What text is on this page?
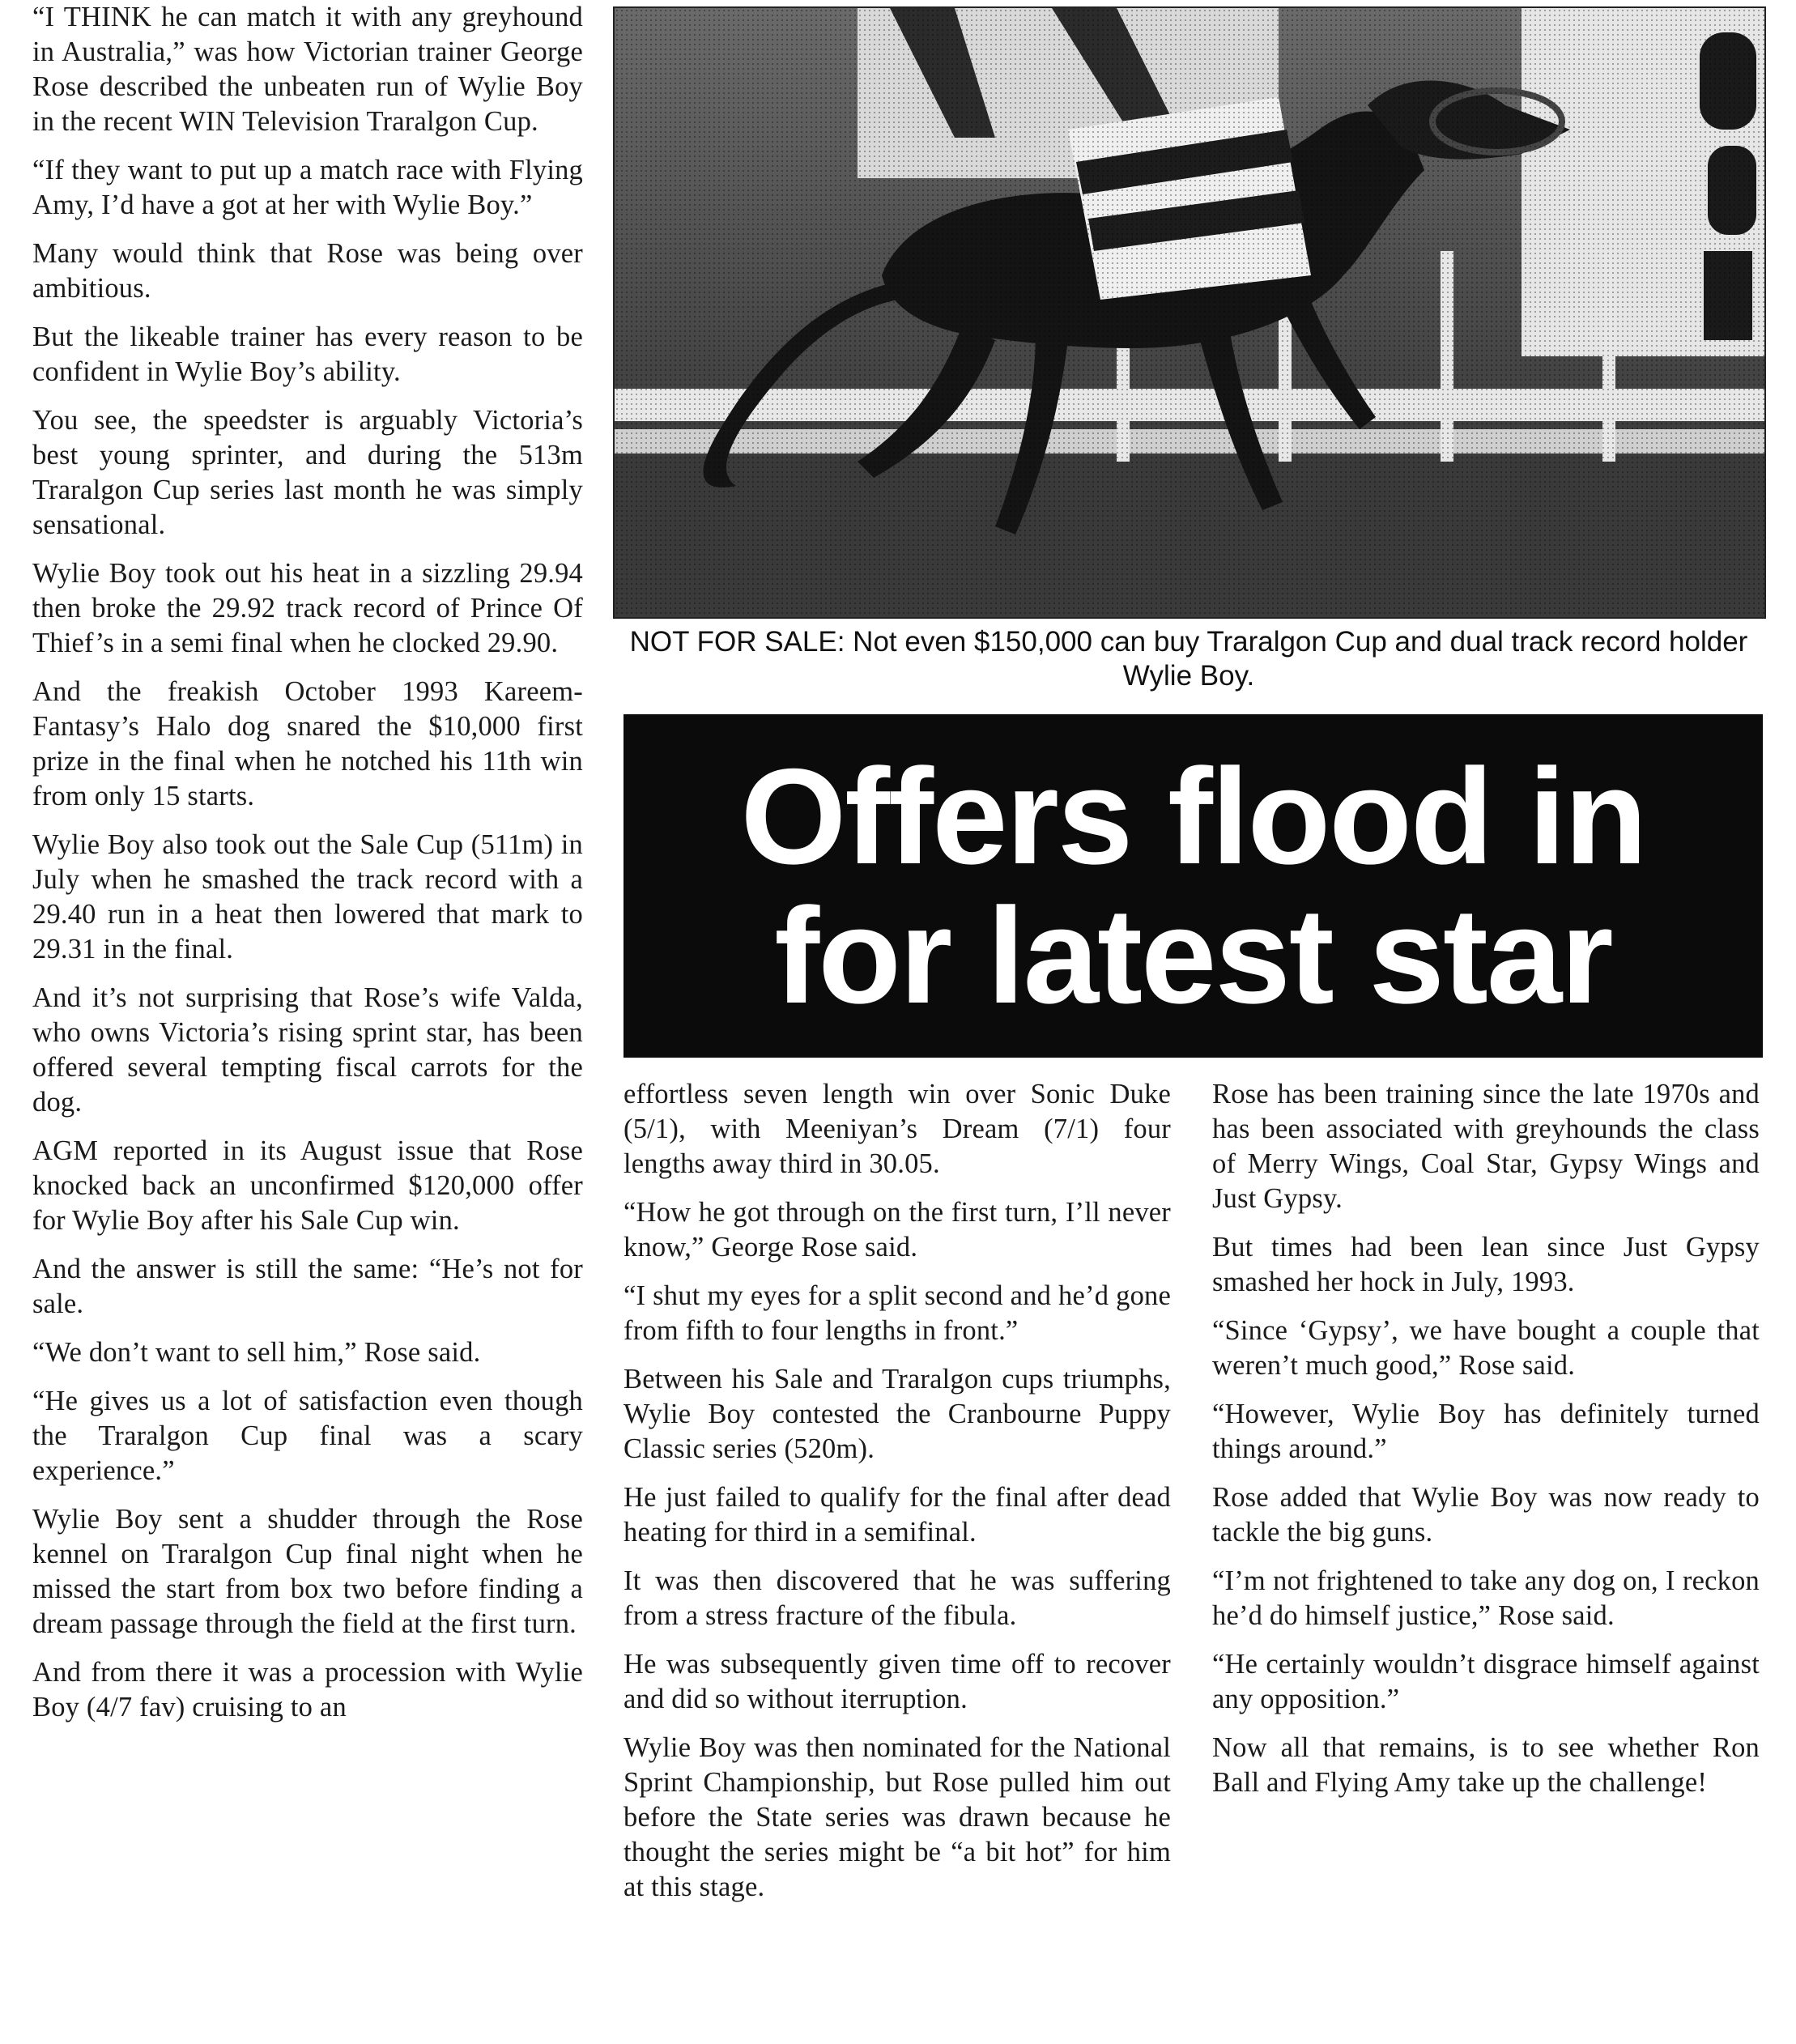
“I THINK he can match it with any greyhound in Australia,” was how Victorian trainer George Rose described the unbeaten run of Wylie Boy in the recent WIN Television Traralgon Cup.

“If they want to put up a match race with Flying Amy, I’d have a got at her with Wylie Boy.”

Many would think that Rose was being over ambitious.

But the likeable trainer has every reason to be confident in Wylie Boy’s ability.

You see, the speedster is arguably Victoria’s best young sprinter, and during the 513m Traralgon Cup series last month he was simply sensational.

Wylie Boy took out his heat in a sizzling 29.94 then broke the 29.92 track record of Prince Of Thief’s in a semi final when he clocked 29.90.

And the freakish October 1993 Kareem-Fantasy’s Halo dog snared the $10,000 first prize in the final when he notched his 11th win from only 15 starts.

Wylie Boy also took out the Sale Cup (511m) in July when he smashed the track record with a 29.40 run in a heat then lowered that mark to 29.31 in the final.

And it’s not surprising that Rose’s wife Valda, who owns Victoria’s rising sprint star, has been offered several tempting fiscal carrots for the dog.

AGM reported in its August issue that Rose knocked back an unconfirmed $120,000 offer for Wylie Boy after his Sale Cup win.

And the answer is still the same: “He’s not for sale.

“We don’t want to sell him,” Rose said.

“He gives us a lot of satisfaction even though the Traralgon Cup final was a scary experience.”

Wylie Boy sent a shudder through the Rose kennel on Traralgon Cup final night when he missed the start from box two before finding a dream passage through the field at the first turn.

And from there it was a procession with Wylie Boy (4/7 fav) cruising to an

NOT FOR SALE: Not even $150,000 can buy Traralgon Cup and dual track record holder Wylie Boy.
Offers flood in
for latest star

effortless seven length win over Sonic Duke (5/1), with Meeniyan’s Dream (7/1) four lengths away third in 30.05.

“How he got through on the first turn, I’ll never know,” George Rose said.

“I shut my eyes for a split second and he’d gone from fifth to four lengths in front.”

Between his Sale and Traralgon cups triumphs, Wylie Boy contested the Cranbourne Puppy Classic series (520m).

He just failed to qualify for the final after dead heating for third in a semifinal.

It was then discovered that he was suffering from a stress fracture of the fibula.

He was subsequently given time off to recover and did so without iterruption.

Wylie Boy was then nominated for the National Sprint Championship, but Rose pulled him out before the State series was drawn because he thought the series might be “a bit hot” for him at this stage.

Rose has been training since the late 1970s and has been associated with greyhounds the class of Merry Wings, Coal Star, Gypsy Wings and Just Gypsy.

But times had been lean since Just Gypsy smashed her hock in July, 1993.

“Since ‘Gypsy’, we have bought a couple that weren’t much good,” Rose said.

“However, Wylie Boy has definitely turned things around.”

Rose added that Wylie Boy was now ready to tackle the big guns.

“I’m not frightened to take any dog on, I reckon he’d do himself justice,” Rose said.

“He certainly wouldn’t disgrace himself against any opposition.”

Now all that remains, is to see whether Ron Ball and Flying Amy take up the challenge!
